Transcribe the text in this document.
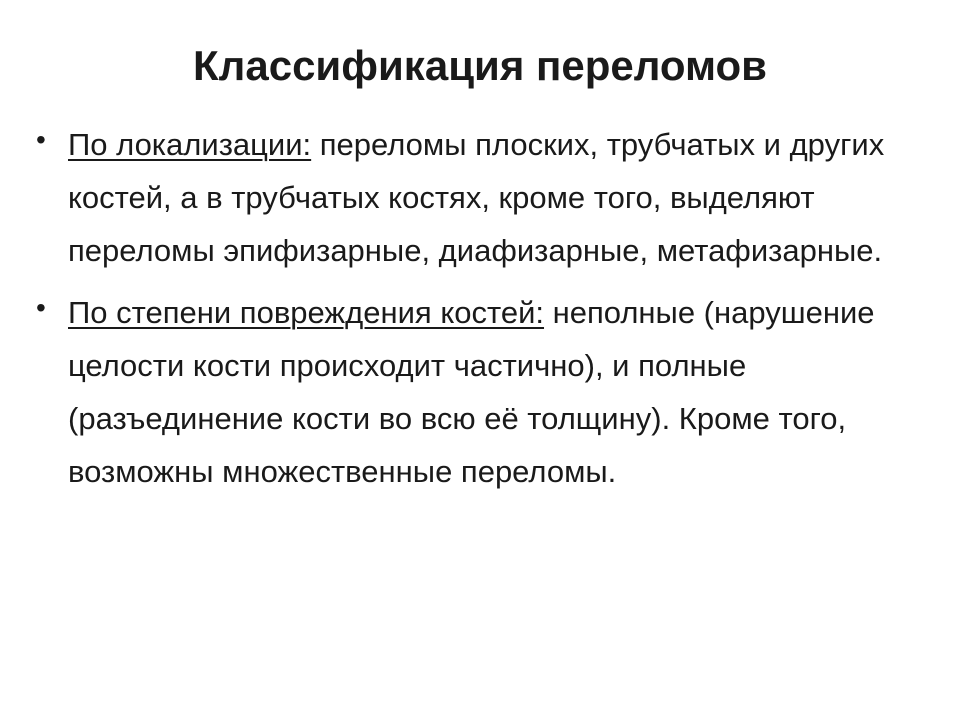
Классификация переломов
• По локализации: переломы плоских, трубчатых и других костей, а в трубчатых костях, кроме того, выделяют переломы эпифизарные, диафизарные, метафизарные.
• По степени повреждения костей: неполные (нарушение целости кости происходит частично), и полные (разъединение кости во всю её толщину). Кроме того, возможны множественные переломы.
